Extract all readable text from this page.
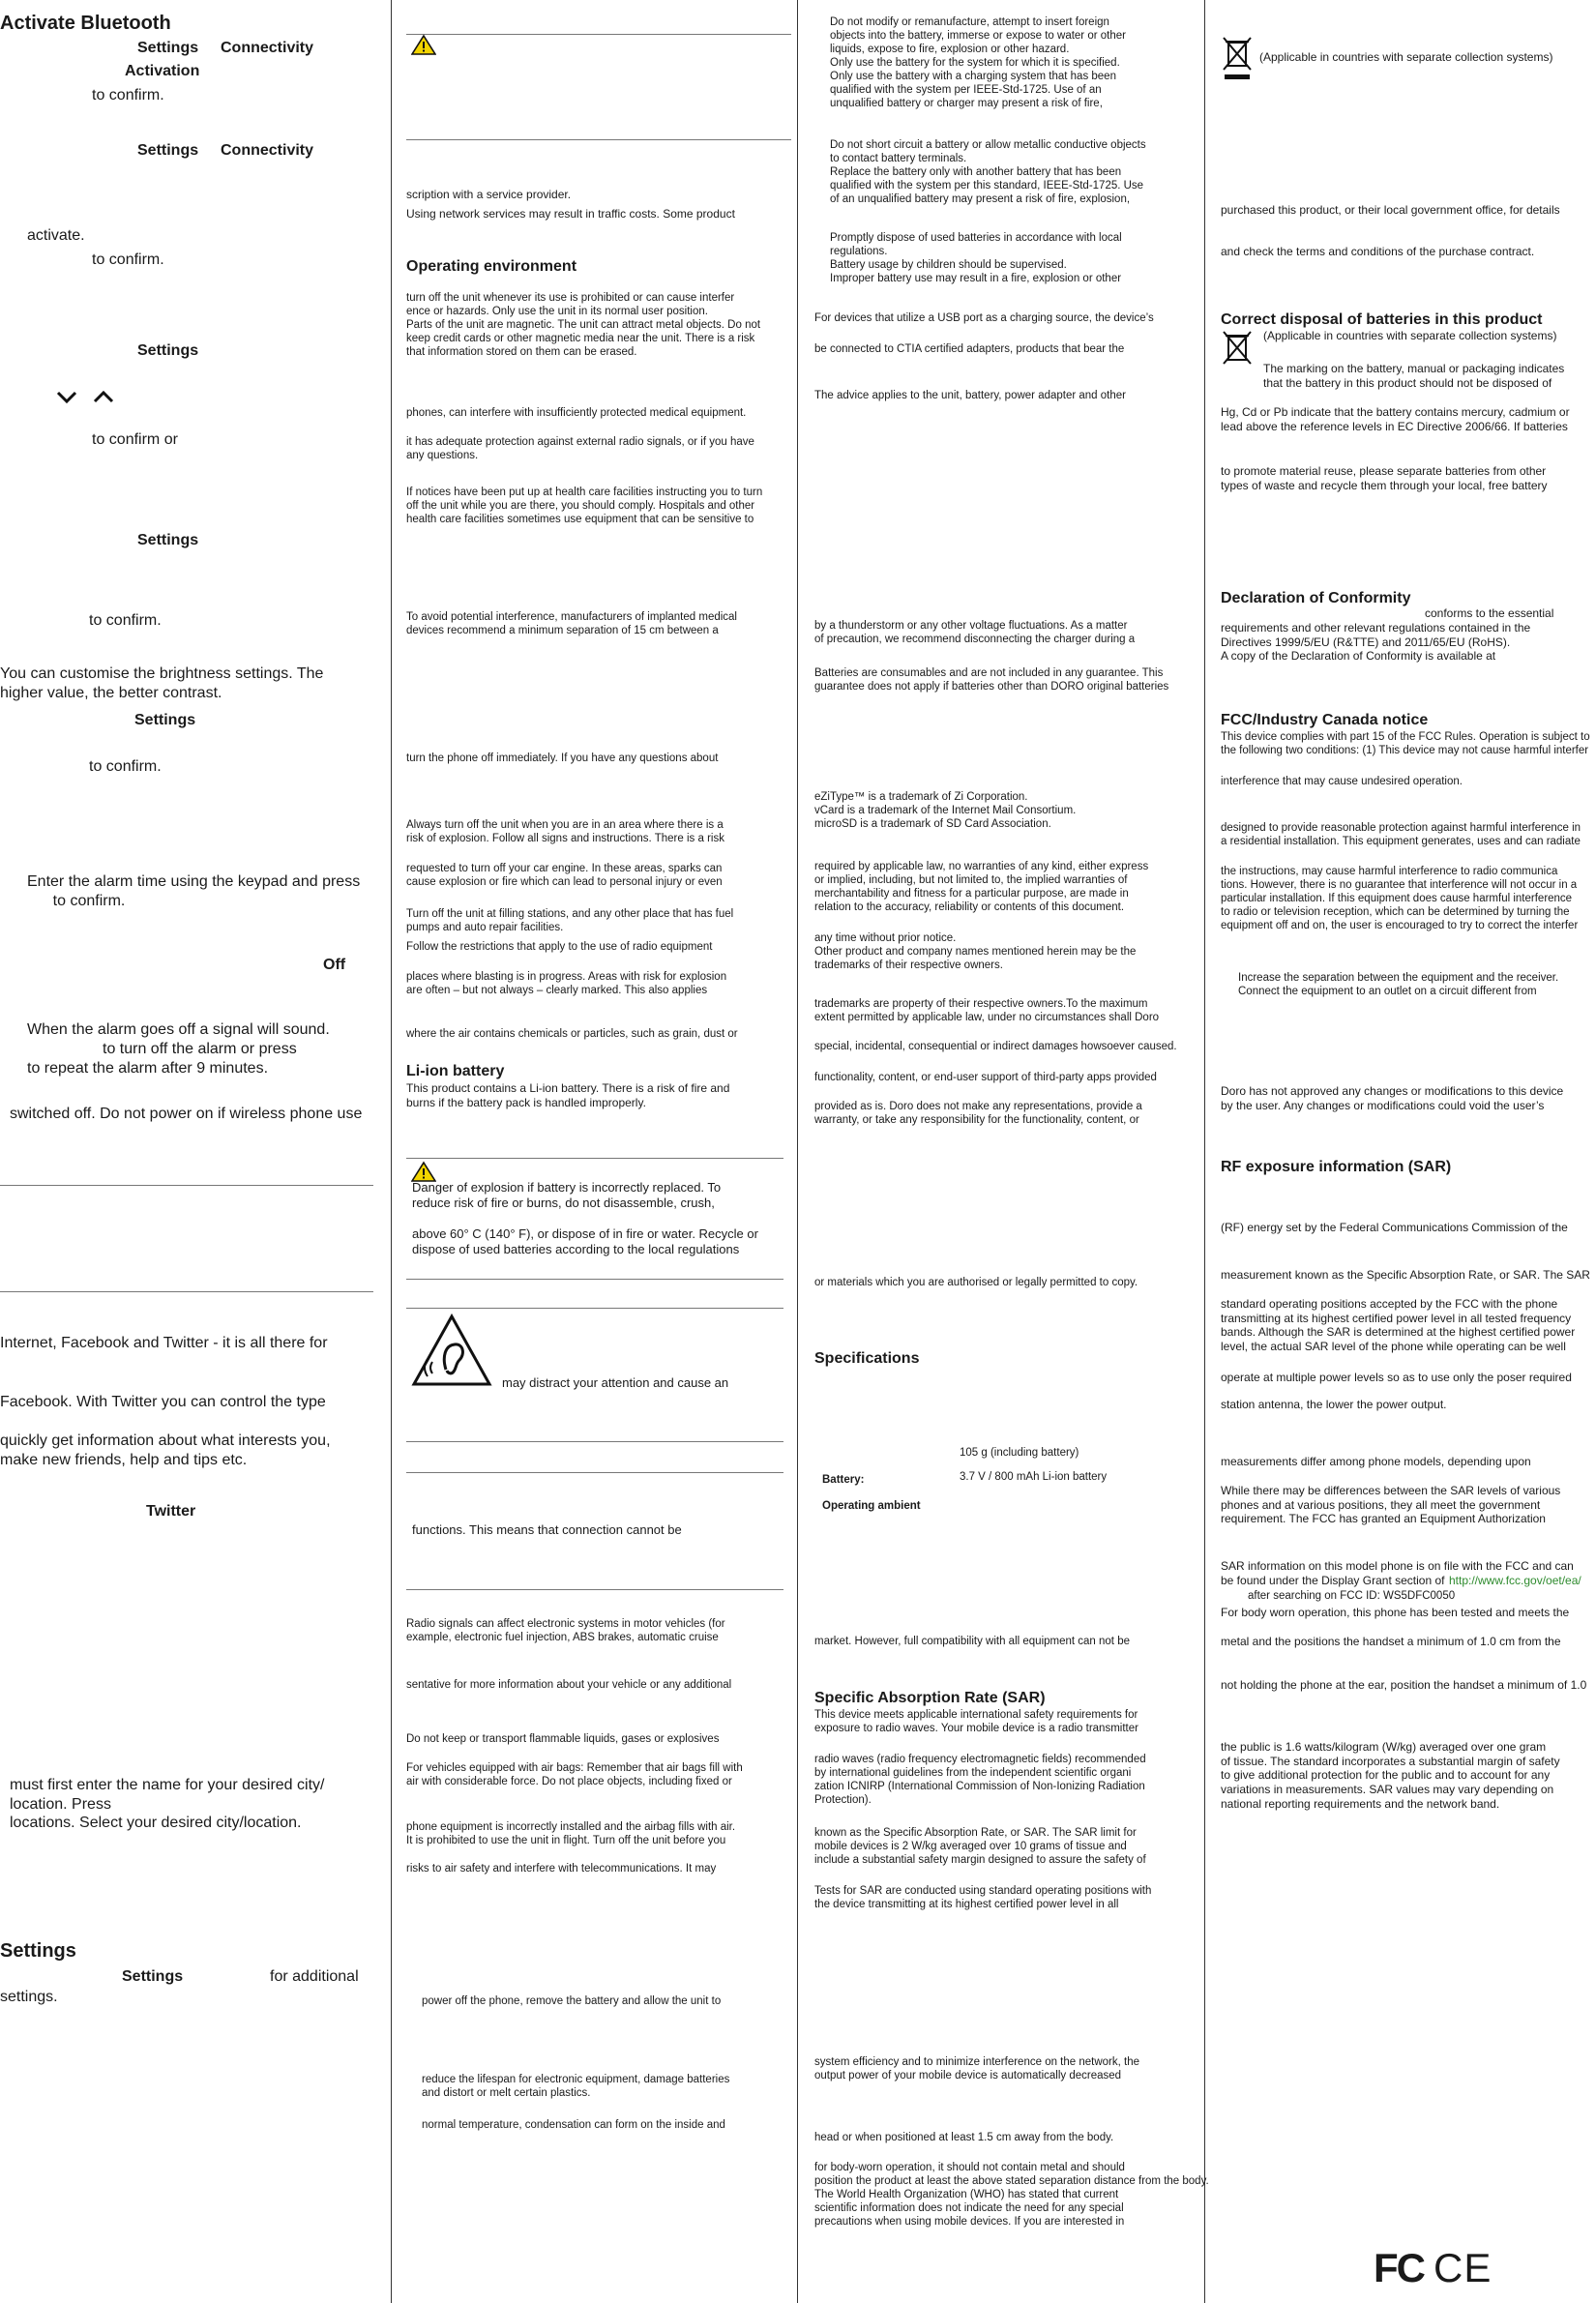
Activate Bluetooth
Settings Connectivity
Activation
to confirm.
Settings Connectivity
activate.
to confirm.
Settings
to confirm or
Settings
to confirm.
You can customise the brightness settings. The
higher value, the better contrast.
Settings
to confirm.
Enter the alarm time using the keypad and press
to confirm.
Off
When the alarm goes off a signal will sound.
to turn off the alarm or press
to repeat the alarm after 9 minutes.
switched off. Do not power on if wireless phone use
Internet, Facebook and Twitter - it is all there for
Facebook. With Twitter you can control the type
quickly get information about what interests you,
make new friends, help and tips etc.
Twitter
must first enter the name for your desired city/
location. Press
locations. Select your desired city/location.
Settings
Settings	for additional
settings.
scription with a service provider.
Using network services may result in traffic costs. Some product
Operating environment
turn off the unit whenever its use is prohibited or can cause interfer
ence or hazards. Only use the unit in its normal user position.
Parts of the unit are magnetic. The unit can attract metal objects. Do not
keep credit cards or other magnetic media near the unit. There is a risk
that information stored on them can be erased.
phones, can interfere with insufficiently protected medical equipment.
it has adequate protection against external radio signals, or if you have
any questions.
If notices have been put up at health care facilities instructing you to turn
off the unit while you are there, you should comply. Hospitals and other
health care facilities sometimes use equipment that can be sensitive to
To avoid potential interference, manufacturers of implanted medical
devices recommend a minimum separation of 15 cm between a
turn the phone off immediately. If you have any questions about
Always turn off the unit when you are in an area where there is a
risk of explosion. Follow all signs and instructions. There is a risk
requested to turn off your car engine. In these areas, sparks can
cause explosion or fire which can lead to personal injury or even
Turn off the unit at filling stations, and any other place that has fuel
pumps and auto repair facilities.
Follow the restrictions that apply to the use of radio equipment
places where blasting is in progress. Areas with risk for explosion
are often – but not always – clearly marked. This also applies
where the air contains chemicals or particles, such as grain, dust or
Li-ion battery
This product contains a Li-ion battery. There is a risk of fire and
burns if the battery pack is handled improperly.
Danger of explosion if battery is incorrectly replaced. To
reduce risk of fire or burns, do not disassemble, crush,
above 60° C (140° F), or dispose of in fire or water. Recycle or
dispose of used batteries according to the local regulations
may distract your attention and cause an
functions. This means that connection cannot be
Radio signals can affect electronic systems in motor vehicles (for
example, electronic fuel injection, ABS brakes, automatic cruise
sentative for more information about your vehicle or any additional
Do not keep or transport flammable liquids, gases or explosives
For vehicles equipped with air bags: Remember that air bags fill with
air with considerable force. Do not place objects, including fixed or
phone equipment is incorrectly installed and the airbag fills with air.
It is prohibited to use the unit in flight. Turn off the unit before you
risks to air safety and interfere with telecommunications. It may
power off the phone, remove the battery and allow the unit to
reduce the lifespan for electronic equipment, damage batteries
and distort or melt certain plastics.
normal temperature, condensation can form on the inside and
Do not modify or remanufacture, attempt to insert foreign
objects into the battery, immerse or expose to water or other
liquids, expose to fire, explosion or other hazard.
Only use the battery for the system for which it is specified.
Only use the battery with a charging system that has been
qualified with the system per IEEE-Std-1725. Use of an
unqualified battery or charger may present a risk of fire,
Do not short circuit a battery or allow metallic conductive objects
to contact battery terminals.
Replace the battery only with another battery that has been
qualified with the system per this standard, IEEE-Std-1725. Use
of an unqualified battery may present a risk of fire, explosion,
Promptly dispose of used batteries in accordance with local
regulations.
Battery usage by children should be supervised.
Improper battery use may result in a fire, explosion or other
For devices that utilize a USB port as a charging source, the device’s
be connected to CTIA certified adapters, products that bear the
The advice applies to the unit, battery, power adapter and other
by a thunderstorm or any other voltage fluctuations. As a matter
of precaution, we recommend disconnecting the charger during a
Batteries are consumables and are not included in any guarantee. This
guarantee does not apply if batteries other than DORO original batteries
eZiType™ is a trademark of Zi Corporation.
vCard is a trademark of the Internet Mail Consortium.
microSD is a trademark of SD Card Association.
required by applicable law, no warranties of any kind, either express
or implied, including, but not limited to, the implied warranties of
merchantability and fitness for a particular purpose, are made in
relation to the accuracy, reliability or contents of this document.
any time without prior notice.
Other product and company names mentioned herein may be the
trademarks of their respective owners.
trademarks are property of their respective owners.To the maximum
extent permitted by applicable law, under no circumstances shall Doro
special, incidental, consequential or indirect damages howsoever caused.
functionality, content, or end-user support of third-party apps provided
provided as is. Doro does not make any representations, provide a
warranty, or take any responsibility for the functionality, content, or
or materials which you are authorised or legally permitted to copy.
Specifications
105 g (including battery)
Battery:	3.7 V / 800 mAh Li-ion battery
Operating ambient
market. However, full compatibility with all equipment can not be
Specific Absorption Rate (SAR)
This device meets applicable international safety requirements for
exposure to radio waves. Your mobile device is a radio transmitter
radio waves (radio frequency electromagnetic fields) recommended
by international guidelines from the independent scientific organi
zation ICNIRP (International Commission of Non-Ionizing Radiation
Protection).
known as the Specific Absorption Rate, or SAR. The SAR limit for
mobile devices is 2 W/kg averaged over 10 grams of tissue and
include a substantial safety margin designed to assure the safety of
Tests for SAR are conducted using standard operating positions with
the device transmitting at its highest certified power level in all
system efficiency and to minimize interference on the network, the
output power of your mobile device is automatically decreased
head or when positioned at least 1.5 cm away from the body.
for body-worn operation, it should not contain metal and should
position the product at least the above stated separation distance from the body.
The World Health Organization (WHO) has stated that current
scientific information does not indicate the need for any special
precautions when using mobile devices. If you are interested in
(Applicable in countries with separate collection systems)
purchased this product, or their local government office, for details
and check the terms and conditions of the purchase contract.
Correct disposal of batteries in this product
(Applicable in countries with separate collection systems)
The marking on the battery, manual or packaging indicates
that the battery in this product should not be disposed of
Hg, Cd or Pb indicate that the battery contains mercury, cadmium or
lead above the reference levels in EC Directive 2006/66. If batteries
to promote material reuse, please separate batteries from other
types of waste and recycle them through your local, free battery
Declaration of Conformity
conforms to the essential
requirements and other relevant regulations contained in the
Directives 1999/5/EU (R&TTE) and 2011/65/EU (RoHS).
A copy of the Declaration of Conformity is available at
FCC/Industry Canada notice
This device complies with part 15 of the FCC Rules. Operation is subject to
the following two conditions: (1) This device may not cause harmful interfer
interference that may cause undesired operation.
designed to provide reasonable protection against harmful interference in
a residential installation. This equipment generates, uses and can radiate
the instructions, may cause harmful interference to radio communica
tions. However, there is no guarantee that interference will not occur in a
particular installation. If this equipment does cause harmful interference
to radio or television reception, which can be determined by turning the
equipment off and on, the user is encouraged to try to correct the interfer
Increase the separation between the equipment and the receiver.
Connect the equipment to an outlet on a circuit different from
Doro has not approved any changes or modifications to this device
by the user. Any changes or modifications could void the user’s
RF exposure information (SAR)
(RF) energy set by the Federal Communications Commission of the
measurement known as the Specific Absorption Rate, or SAR. The SAR
standard operating positions accepted by the FCC with the phone
transmitting at its highest certified power level in all tested frequency
bands. Although the SAR is determined at the highest certified power
level, the actual SAR level of the phone while operating can be well
operate at multiple power levels so as to use only the poser required
station antenna, the lower the power output.
measurements differ among phone models, depending upon
While there may be differences between the SAR levels of various
phones and at various positions, they all meet the government
requirement. The FCC has granted an Equipment Authorization
SAR information on this model phone is on file with the FCC and can
be found under the Display Grant section of http://www.fcc.gov/oet/ea/
after searching on FCC ID: WS5DFC0050
For body worn operation, this phone has been tested and meets the
metal and the positions the handset a minimum of 1.0 cm from the
not holding the phone at the ear, position the handset a minimum of 1.0
the public is 1.6 watts/kilogram (W/kg) averaged over one gram
of tissue. The standard incorporates a substantial margin of safety
to give additional protection for the public and to account for any
variations in measurements. SAR values may vary depending on
national reporting requirements and the network band.
FC CE
